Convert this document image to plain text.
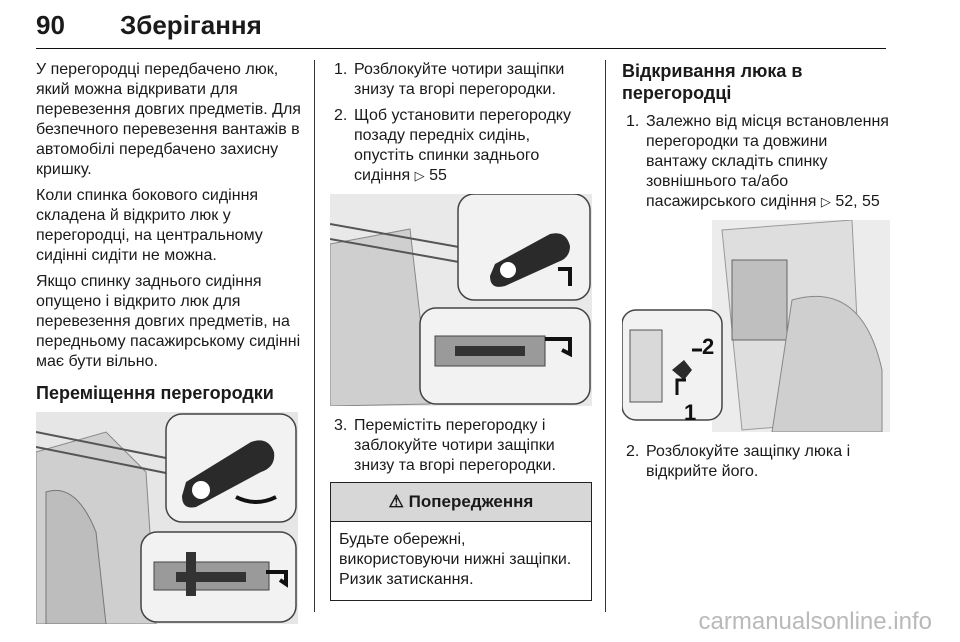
90 Зберігання

У перегородці передбачено люк, який можна відкривати для перевезення довгих предметів. Для безпечного перевезення вантажів в автомобілі передбачено захисну кришку.

Коли спинка бокового сидіння складена й відкрито люк у перегородці, на центральному сидінні сидіти не можна.

Якщо спинку заднього сидіння опущено і відкрито люк для перевезення довгих предметів, на передньому пасажирському сидінні має бути вільно.

Переміщення перегородки
1. Розблокуйте чотири защіпки знизу та вгорі перегородки.
2. Щоб установити перегородку позаду передніх сидінь, опустіть спинки заднього сидіння ▷ 55
3. Перемістіть перегородку і заблокуйте чотири защіпки знизу та вгорі перегородки.
⚠ Попередження
Будьте обережні, використовуючи нижні защіпки. Ризик затискання.
Відкривання люка в перегородці
1. Залежно від місця встановлення перегородки та довжини вантажу складіть спинку зовнішнього та/або пасажирського сидіння ▷ 52, 55
1
2
2. Розблокуйте защіпку люка і відкрийте його.
carmanualsonline.info
